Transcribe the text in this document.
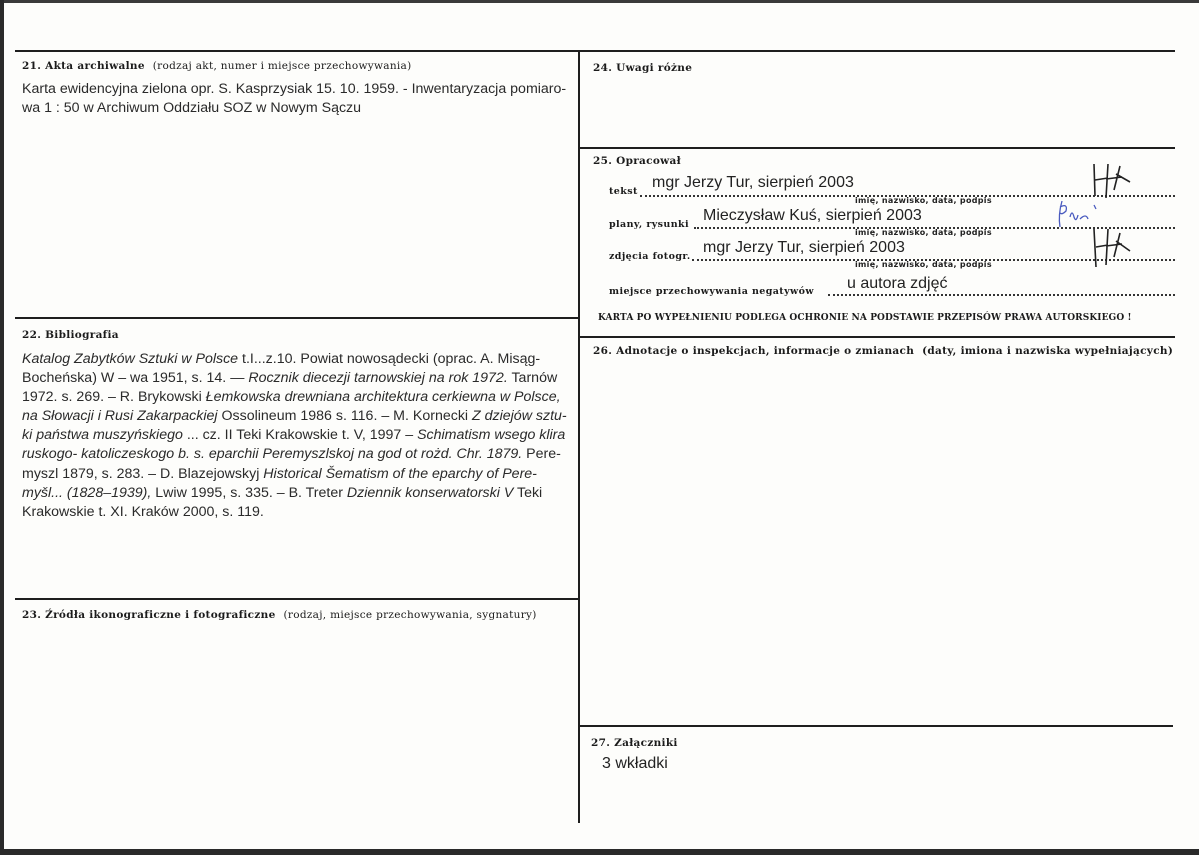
21. Akta archiwalne (rodzaj akt, numer i miejsce przechowywania)
Karta ewidencyjna zielona opr. S. Kasprzysiak 15. 10. 1959. - Inwentaryzacja pomiaro-
wa 1 : 50 w Archiwum Oddziału SOZ w Nowym Sączu
22. Bibliografia
Katalog Zabytków Sztuki w Polsce t.I...z.10. Powiat nowosądecki (oprac. A. Misąg-
Bocheńska) W – wa 1951, s. 14. — Rocznik diecezji tarnowskiej na rok 1972. Tarnów
1972. s. 269. – R. Brykowski Łemkowska drewniana architektura cerkiewna w Polsce,
na Słowacji i Rusi Zakarpackiej Ossolineum 1986 s. 116. – M. Kornecki Z dziejów sztu-
ki państwa muszyńskiego ... cz. II Teki Krakowskie t. V, 1997 – Schimatism wsego klira
ruskogo- katoliczeskogo b. s. eparchii Peremyszlskoj na god ot rożd. Chr. 1879. Pere-
myszl 1879, s. 283. – D. Blazejowskyj Historical Šematism of the eparchy of Pere-
myšl... (1828–1939), Lwiw 1995, s. 335. – B. Treter Dziennik konserwatorski V Teki
Krakowskie t. XI. Kraków 2000, s. 119.
23. Źródła ikonograficzne i fotograficzne (rodzaj, miejsce przechowywania, sygnatury)
24. Uwagi różne
25. Opracował
tekst
mgr Jerzy Tur, sierpień 2003
imię, nazwisko, data, podpis
plany, rysunki
Mieczysław Kuś, sierpień 2003
imię, nazwisko, data, podpis
zdjęcia fotogr.
mgr Jerzy Tur, sierpień 2003
imię, nazwisko, data, podpis
miejsce przechowywania negatywów u autora zdjęć
KARTA PO WYPEŁNIENIU PODLEGA OCHRONIE NA PODSTAWIE PRZEPISÓW PRAWA AUTORSKIEGO !
26. Adnotacje o inspekcjach, informacje o zmianach (daty, imiona i nazwiska wypełniających)
27. Załączniki
3 wkładki
